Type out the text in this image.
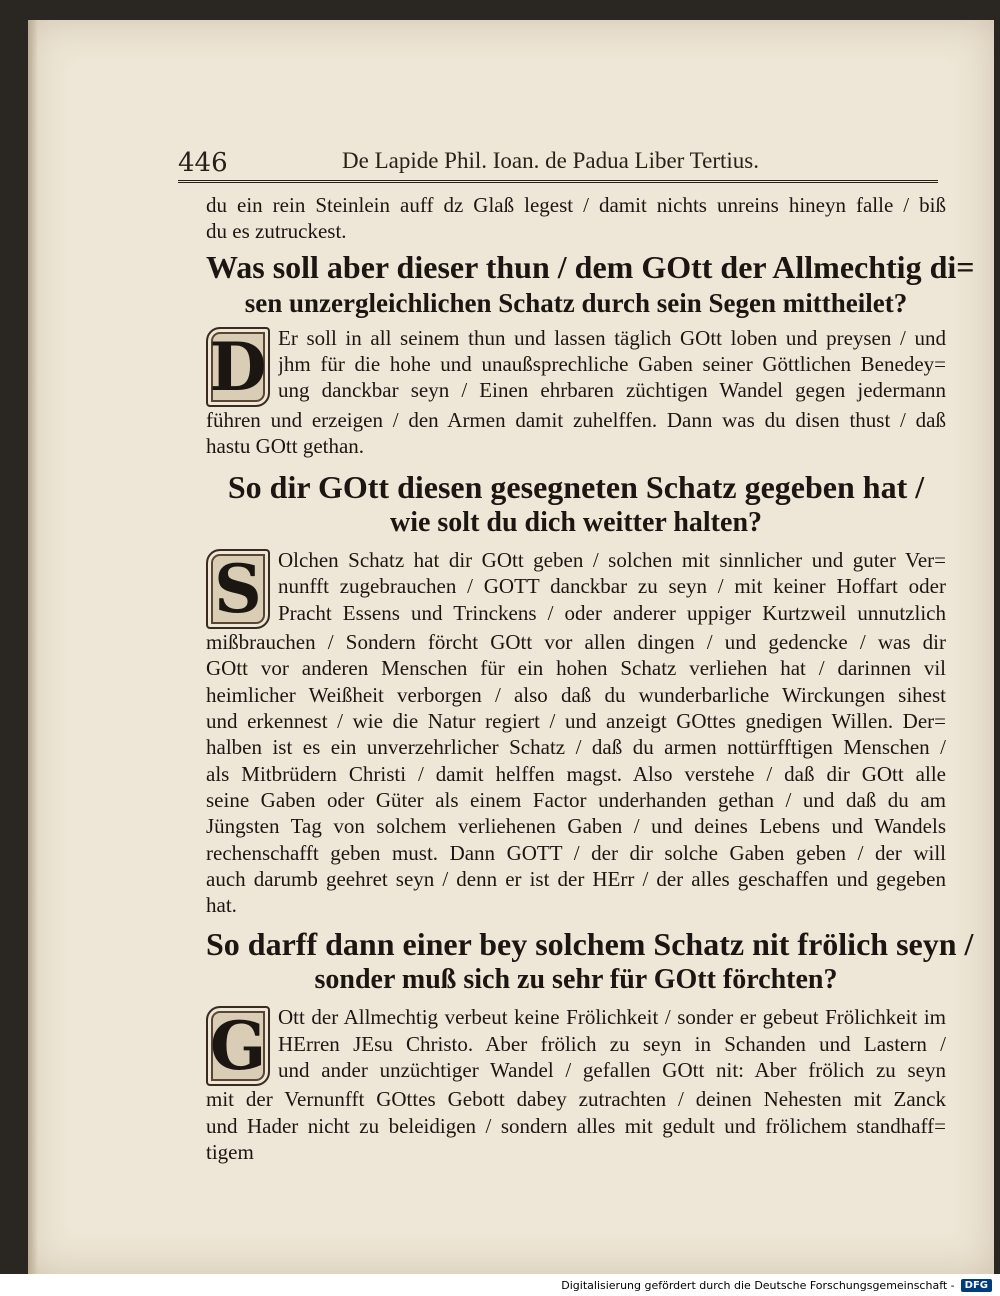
446	De Lapide Phil. Ioan. de Padua Liber Tertius.
du ein rein Steinlein auff dz Glaß legest / damit nichts unreins hineyn falle / biß
du es zutruckest.
Was soll aber dieser thun / dem GOtt der Allmechtig di=
sen unzergleichlichen Schatz durch sein Segen mittheilet?
D Er soll in all seinem thun und lassen täglich GOtt loben und preysen / und
jhm für die hohe und unaußsprechliche Gaben seiner Göttlichen Benedey=
ung danckbar seyn / Einen ehrbaren züchtigen Wandel gegen jedermann
führen und erzeigen / den Armen damit zuhelffen. Dann was du disen thust / daß
hastu GOtt gethan.
So dir GOtt diesen gesegneten Schatz gegeben hat /
wie solt du dich weitter halten?
S Olchen Schatz hat dir GOtt geben / solchen mit sinnlicher und guter Ver=
nunfft zugebrauchen / GOTT danckbar zu seyn / mit keiner Hoffart oder
Pracht Essens und Trinckens / oder anderer uppiger Kurtzweil unnutzlich
mißbrauchen / Sondern förcht GOtt vor allen dingen / und gedencke / was dir
GOtt vor anderen Menschen für ein hohen Schatz verliehen hat / darinnen vil
heimlicher Weißheit verborgen / also daß du wunderbarliche Wirckungen sihest
und erkennest / wie die Natur regiert / und anzeigt GOttes gnedigen Willen. Der=
halben ist es ein unverzehrlicher Schatz / daß du armen nottürfftigen Menschen /
als Mitbrüdern Christi / damit helffen magst. Also verstehe / daß dir GOtt alle
seine Gaben oder Güter als einem Factor underhanden gethan / und daß du am
Jüngsten Tag von solchem verliehenen Gaben / und deines Lebens und Wandels
rechenschafft geben must. Dann GOTT / der dir solche Gaben geben / der will
auch darumb geehret seyn / denn er ist der HErr / der alles geschaffen und gegeben
hat.
So darff dann einer bey solchem Schatz nit frölich seyn /
sonder muß sich zu sehr für GOtt förchten?
G Ott der Allmechtig verbeut keine Frölichkeit / sonder er gebeut Frölichkeit im
HErren JEsu Christo. Aber frölich zu seyn in Schanden und Lastern /
und ander unzüchtiger Wandel / gefallen GOtt nit: Aber frölich zu seyn
mit der Vernunfft GOttes Gebott dabey zutrachten / deinen Nehesten mit Zanck
und Hader nicht zu beleidigen / sondern alles mit gedult und frölichem standhaff=
tigem
Digitalisierung gefördert durch die Deutsche Forschungsgemeinschaft -	DFG
